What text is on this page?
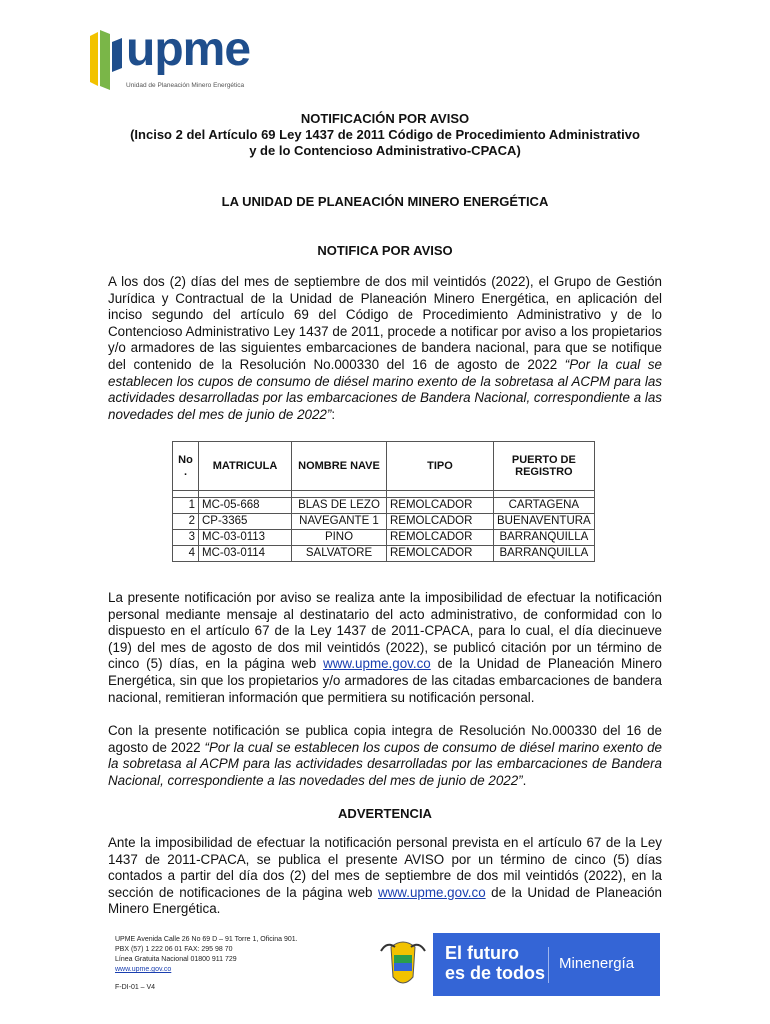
upme
Unidad de Planeación Minero Energética
NOTIFICACIÓN POR AVISO
(Inciso 2 del Artículo 69 Ley 1437 de 2011 Código de Procedimiento Administrativo
y de lo Contencioso Administrativo-CPACA)
LA UNIDAD DE PLANEACIÓN MINERO ENERGÉTICA
NOTIFICA POR AVISO
A los dos (2) días del mes de septiembre de dos mil veintidós (2022), el Grupo de Gestión Jurídica y Contractual de la Unidad de Planeación Minero Energética, en aplicación del inciso segundo del artículo 69 del Código de Procedimiento Administrativo y de lo Contencioso Administrativo Ley 1437 de 2011, procede a notificar por aviso a los propietarios y/o armadores de las siguientes embarcaciones de bandera nacional, para que se notifique del contenido de la Resolución No.000330 del 16 de agosto de 2022 “Por la cual se establecen los cupos de consumo de diésel marino exento de la sobretasa al ACPM para las actividades desarrolladas por las embarcaciones de Bandera Nacional, correspondiente a las novedades del mes de junio de 2022”:
No .	MATRICULA	NOMBRE NAVE	TIPO	PUERTO DE REGISTRO

1	MC-05-668	BLAS DE LEZO	REMOLCADOR	CARTAGENA
2	CP-3365	NAVEGANTE 1	REMOLCADOR	BUENAVENTURA
3	MC-03-0113	PINO	REMOLCADOR	BARRANQUILLA
4	MC-03-0114	SALVATORE	REMOLCADOR	BARRANQUILLA
La presente notificación por aviso se realiza ante la imposibilidad de efectuar la notificación personal mediante mensaje al destinatario del acto administrativo, de conformidad con lo dispuesto en el artículo 67 de la Ley 1437 de 2011-CPACA, para lo cual, el día diecinueve (19) del mes de agosto de dos mil veintidós (2022), se publicó citación por un término de cinco (5) días, en la página web www.upme.gov.co de la Unidad de Planeación Minero Energética, sin que los propietarios y/o armadores de las citadas embarcaciones de bandera nacional, remitieran información que permitiera su notificación personal.
Con la presente notificación se publica copia integra de Resolución No.000330 del 16 de agosto de 2022 “Por la cual se establecen los cupos de consumo de diésel marino exento de la sobretasa al ACPM para las actividades desarrolladas por las embarcaciones de Bandera Nacional, correspondiente a las novedades del mes de junio de 2022”.
ADVERTENCIA
Ante la imposibilidad de efectuar la notificación personal prevista en el artículo 67 de la Ley 1437 de 2011-CPACA, se publica el presente AVISO por un término de cinco (5) días contados a partir del día dos (2) del mes de septiembre de dos mil veintidós (2022), en la sección de notificaciones de la página web www.upme.gov.co de la Unidad de Planeación Minero Energética.
UPME Avenida Calle 26 No 69 D – 91 Torre 1, Oficina 901.
PBX (57) 1 222 06 01 FAX: 295 98 70
Línea Gratuita Nacional 01800 911 729
www.upme.gov.co
F-DI-01 – V4
El futuro
es de todos Minenergía
